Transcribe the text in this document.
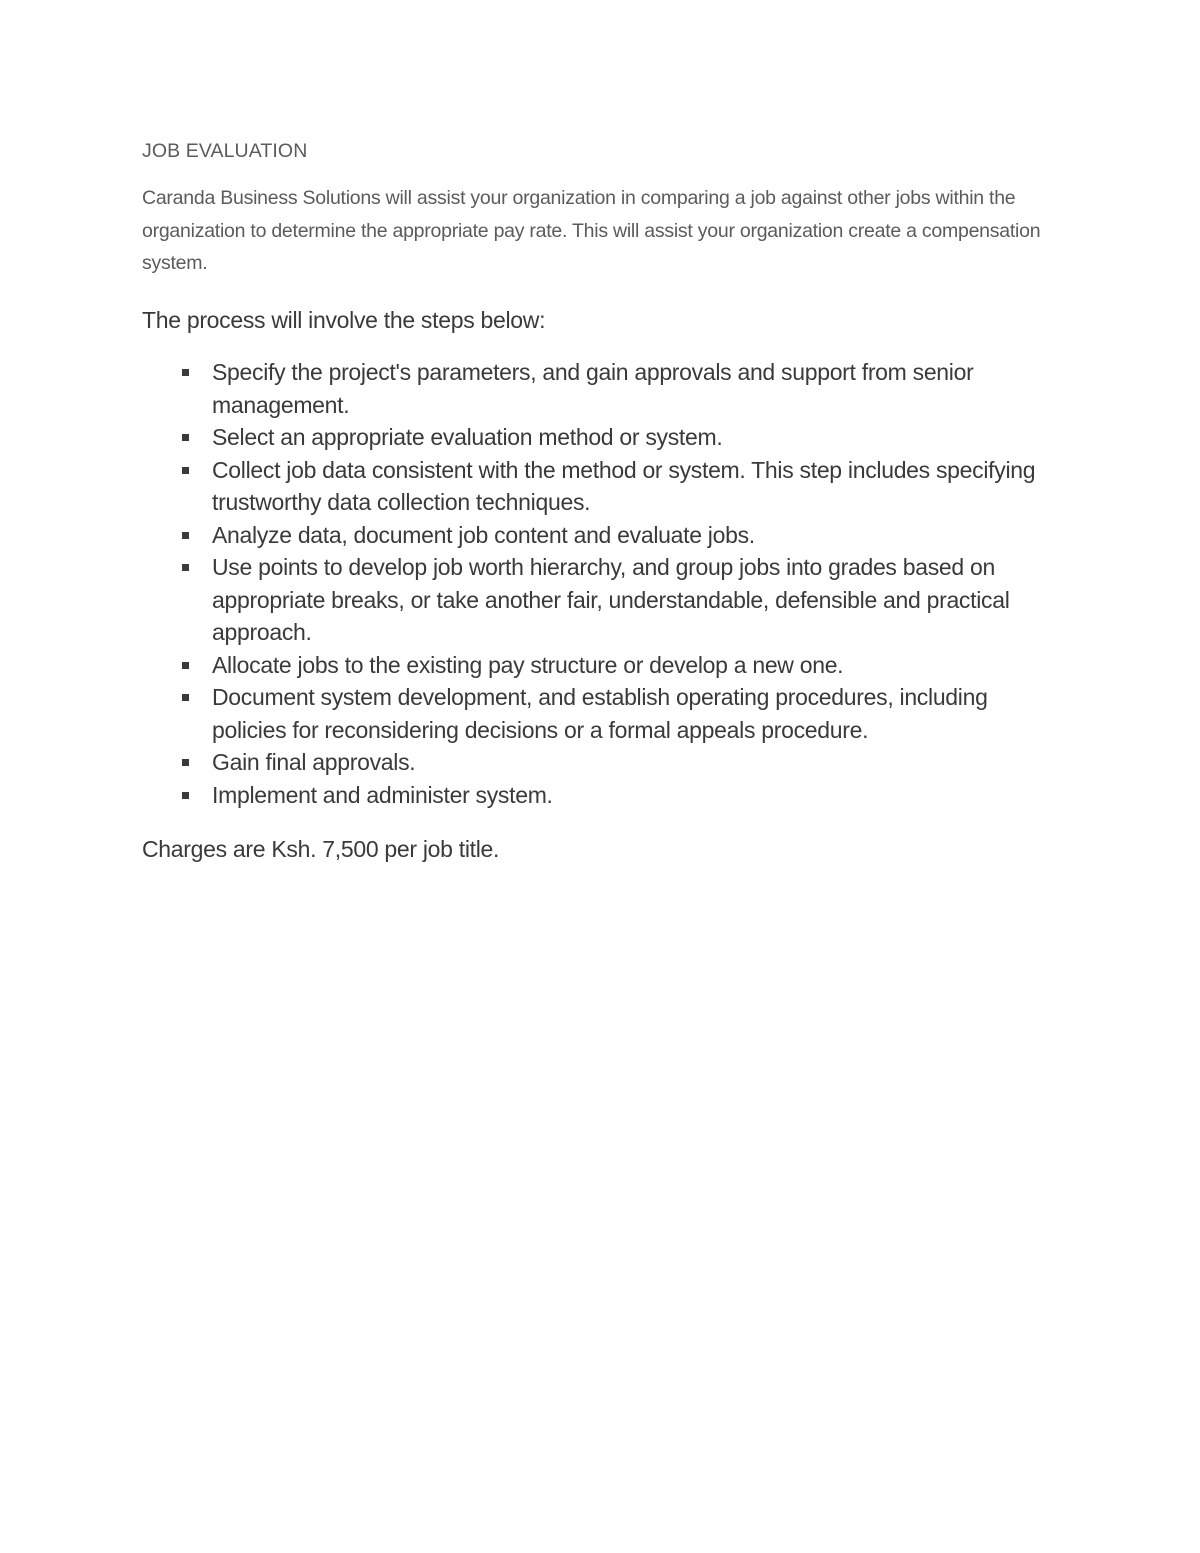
JOB EVALUATION

Caranda Business Solutions will assist your organization in comparing a job against other jobs within the organization to determine the appropriate pay rate. This will assist your organization create a compensation system.

The process will involve the steps below:

Specify the project's parameters, and gain approvals and support from senior management.
Select an appropriate evaluation method or system.
Collect job data consistent with the method or system. This step includes specifying trustworthy data collection techniques.
Analyze data, document job content and evaluate jobs.
Use points to develop job worth hierarchy, and group jobs into grades based on appropriate breaks, or take another fair, understandable, defensible and practical approach.
Allocate jobs to the existing pay structure or develop a new one.
Document system development, and establish operating procedures, including policies for reconsidering decisions or a formal appeals procedure.
Gain final approvals.
Implement and administer system.

Charges are Ksh. 7,500 per job title.
